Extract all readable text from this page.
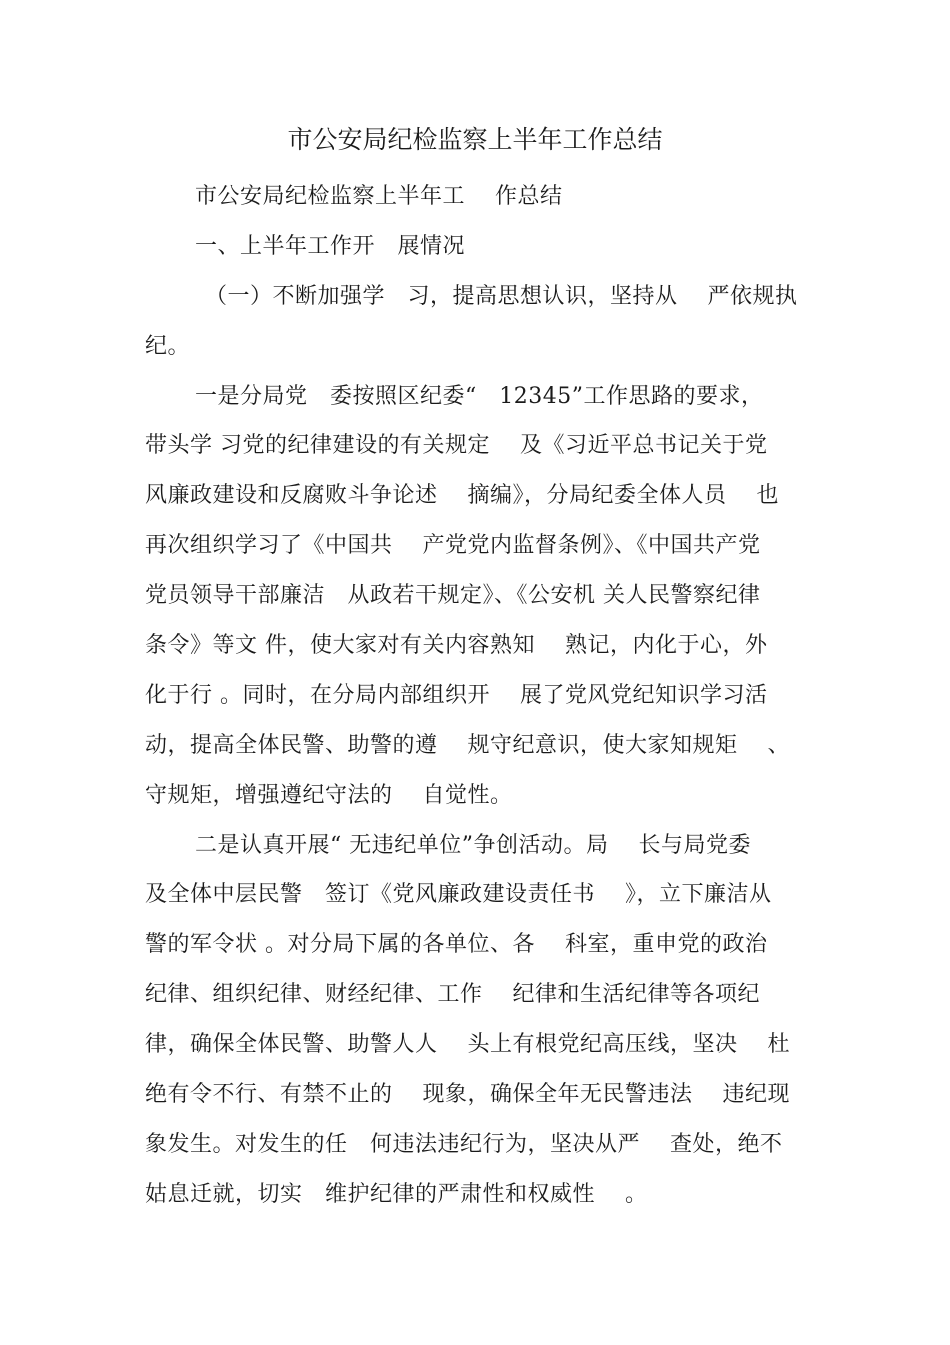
市公安局纪检监察上半年工作总结
市公安局纪检监察上半年工　 作总结
一、上半年工作开　展情况
（一）不断加强学　习，提高思想认识，坚持从　 严依规执
纪。
一是分局党　委按照区纪委“　12345”工作思路的要求，
带头学 习党的纪律建设的有关规定　 及《习近平总书记关于党
风廉政建设和反腐败斗争论述　 摘编》，分局纪委全体人员　 也
再次组织学习了《中国共　 产党党内监督条例》、《中国共产党
党员领导干部廉洁　从政若干规定》、《公安机 关人民警察纪律
条令》等文 件，使大家对有关内容熟知　 熟记，内化于心，外
化于行 。同时，在分局内部组织开　 展了党风党纪知识学习活
动，提高全体民警、助警的遵　 规守纪意识，使大家知规矩　 、
守规矩，增强遵纪守法的　 自觉性。
二是认真开展“ 无违纪单位”争创活动。局　 长与局党委
及全体中层民警　签订《党风廉政建设责任书　 》，立下廉洁从
警的军令状 。对分局下属的各单位、各　 科室，重申党的政治
纪律、组织纪律、财经纪律、工作　 纪律和生活纪律等各项纪
律，确保全体民警、助警人人　 头上有根党纪高压线，坚决　 杜
绝有令不行、有禁不止的　 现象，确保全年无民警违法　 违纪现
象发生。对发生的任　何违法违纪行为，坚决从严　 查处，绝不
姑息迁就，切实　维护纪律的严肃性和权威性　 。
